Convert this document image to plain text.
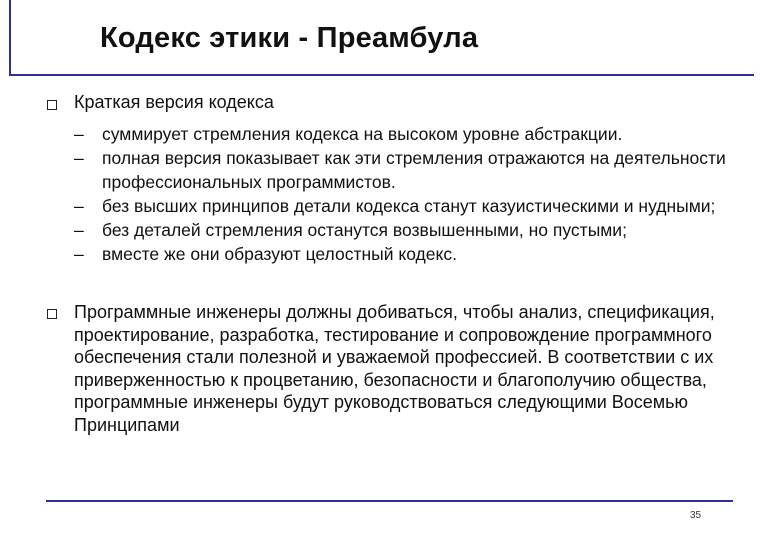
Кодекс этики - Преамбула
Краткая версия кодекса
– суммирует стремления кодекса на высоком уровне абстракции.
– полная версия показывает как эти стремления отражаются на деятельности профессиональных программистов.
– без высших принципов детали кодекса станут казуистическими и нудными;
– без деталей стремления останутся возвышенными, но пустыми;
– вместе же они образуют целостный кодекс.
Программные инженеры должны добиваться, чтобы анализ, спецификация, проектирование, разработка, тестирование и сопровождение программного обеспечения стали полезной и уважаемой профессией. В соответствии с их приверженностью к процветанию, безопасности и благополучию общества, программные инженеры будут руководствоваться следующими Восемью Принципами
35
